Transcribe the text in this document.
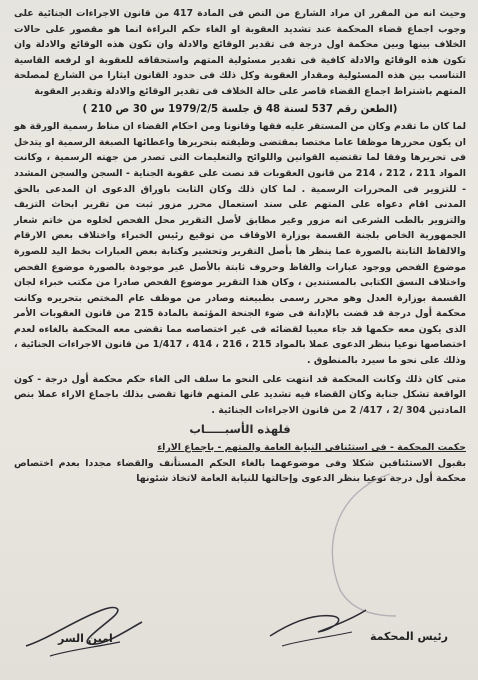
وحيث انه من المقرر ان مراد الشارع من النص فى المادة 417 من قانون الاجراءات الجنائية على وجوب اجماع قضاء المحكمة عند تشديد العقوبة او الغاء حكم البراءة انما هو مقصور على حالات الخلاف بينها وبين محكمة اول درجة فى تقدير الوقائع والادلة وان تكون هذه الوقائع والادلة وان تكون هذه الوقائع والادلة كافية فى تقدير مسئولية المتهم واستحقاقه للعقوبة او لرفعه القاسية التناسب بين هذه المسئولية ومقدار العقوبة وكل ذلك فى حدود القانون ايثارا من الشارع لمصلحة المتهم باشتراط اجماع القضاء قاصر على حالة الخلاف فى تقدير الوقائع والادلة وتقدير العقوبة

(الطعن رقم 537 لسنة 48 ق جلسة 1979/2/5 س 30 ص 210 )

لما كان ما تقدم وكان من المستقر عليه فقها وقانونا ومن احكام القضاء ان مناط رسمية الورقة هو ان يكون محررها موظفا عاما مختصا بمقتضى وظيفته بتحريرها واعطائها الصبغة الرسمية او يتدخل فى تحريرها وفقا لما تقتضيه القوانين واللوائح والتعليمات التى تصدر من جهته الرسمية ، وكانت المواد 211 ، 212 ، 214 من قانون العقوبات قد نصت على عقوبة الجناية - السجن والسجن المشدد - للتزوير فى المحررات الرسمية . لما كان ذلك وكان الثابت باوراق الدعوى ان المدعى بالحق المدنى اقام دعواه على المتهم على سند استعمال محرر مزور ثبت من تقرير ابحاث التزيف والتزوير بالطب الشرعى انه مزور وغير مطابق لأصل التقرير محل الفحص لخلوه من خاتم شعار الجمهورية الخاص بلجنة القسمة بوزارة الاوقاف من توقيع رئيس الخبراء واختلاف بعض الارقام والالفاظ الثابتة بالصورة عما ينظر ها بأصل التقرير وتحشير وكتابة بعض العبارات بخط اليد للصورة موضوع الفحص ووجود عبارات والفاظ وحروف ثابتة بالأصل غير موجودة بالصورة موضوع الفحص واختلاف النسق الكتابى بالمستندين ، وكان هذا التقرير موضوع الفحص صادرا من مكتب خبراء لجان القسمة بوزارة العدل وهو محرر رسمى بطبيعته وصادر من موظف عام المختص بتحريره وكانت محكمة أول درجة قد قضت بالإدانة فى ضوء الجنحة المؤثمة بالمادة 215 من قانون العقوبات الأمر الذى يكون معه حكمها قد جاء معيبا لقضائه فى غير اختصاصه مما تقضى معه المحكمة بالغاءه لعدم اختصاصها نوعيا بنظر الدعوى عملا بالمواد 215 ، 216 ، 414 ، 1/417 من قانون الاجراءات الجنائية ، وذلك على نحو ما سيرد بالمنطوق .

متى كان ذلك وكانت المحكمة قد انتهت على النحو ما سلف الى الغاء حكم محكمة أول درجة - كون الواقعة تشكل جناية وكان القضاء فيه تشديد على المتهم فانها تقضى بذلك باجماع الاراء عملا بنص المادتين 304 /2 ، 417/ 2 من قانون الاجراءات الجنائية .

فلهذه الأسبـــــاب

حكمت المحكمة - فى استئنافى النيابة العامة والمتهم - باجماع الاراء

بقبول الاستئنافين شكلا وفى موضوعهما بالغاء الحكم المستأنف والقضاء مجددا بعدم اختصاص محكمة أول درجة نوعيا بنظر الدعوى وإحالتها للنيابة العامة لاتخاذ شئونها

امين السر	رئيس المحكمة
